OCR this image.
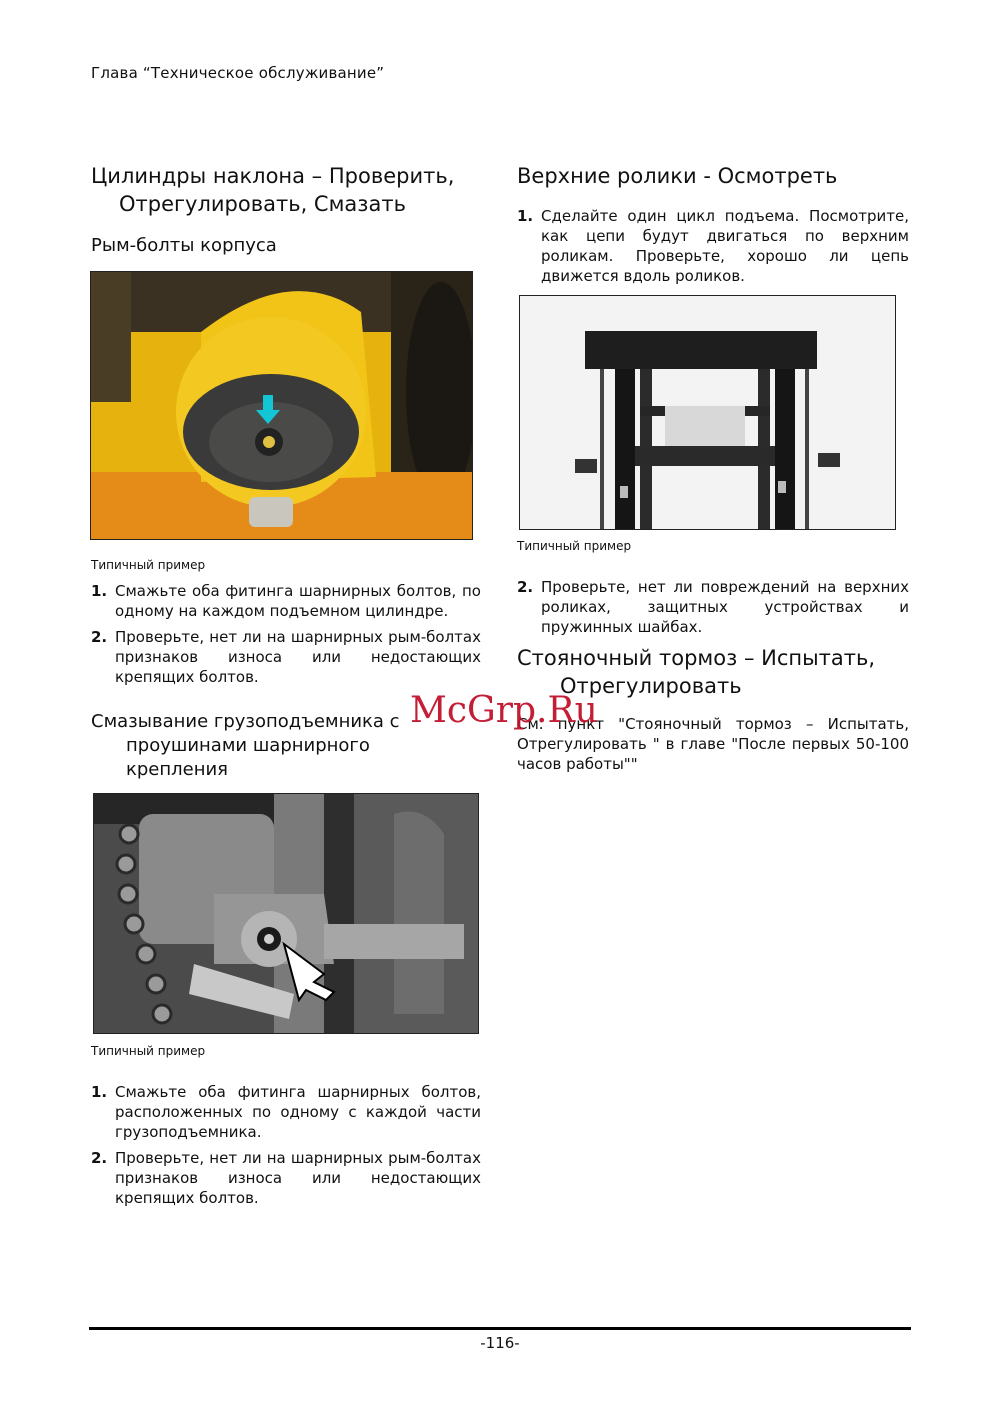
Глава “Техническое обслуживание”
Цилиндры наклона – Проверить,
Отрегулировать, Смазать
Рым-болты корпуса
Типичный пример
1. Смажьте оба фитинга шарнирных болтов, по одному на каждом подъемном цилиндре.
2. Проверьте, нет ли на шарнирных рым-болтах признаков износа или недостающих крепящих болтов.
Смазывание грузоподъемника с
проушинами шарнирного
крепления
Типичный пример
1. Смажьте оба фитинга шарнирных болтов, расположенных по одному с каждой части грузоподъемника.
2. Проверьте, нет ли на шарнирных рым-болтах признаков износа или недостающих крепящих болтов.
Верхние ролики - Осмотреть
1. Сделайте один цикл подъема. Посмотрите, как цепи будут двигаться по верхним роликам. Проверьте, хорошо ли цепь движется вдоль роликов.
Типичный пример
2. Проверьте, нет ли повреждений на верхних роликах, защитных устройствах и пружинных шайбах.
Стояночный тормоз – Испытать,
Отрегулировать
См. пункт "Стояночный тормоз – Испытать, Отрегулировать " в главе "После первых 50-100 часов работы""
McGrp.Ru
-116-
